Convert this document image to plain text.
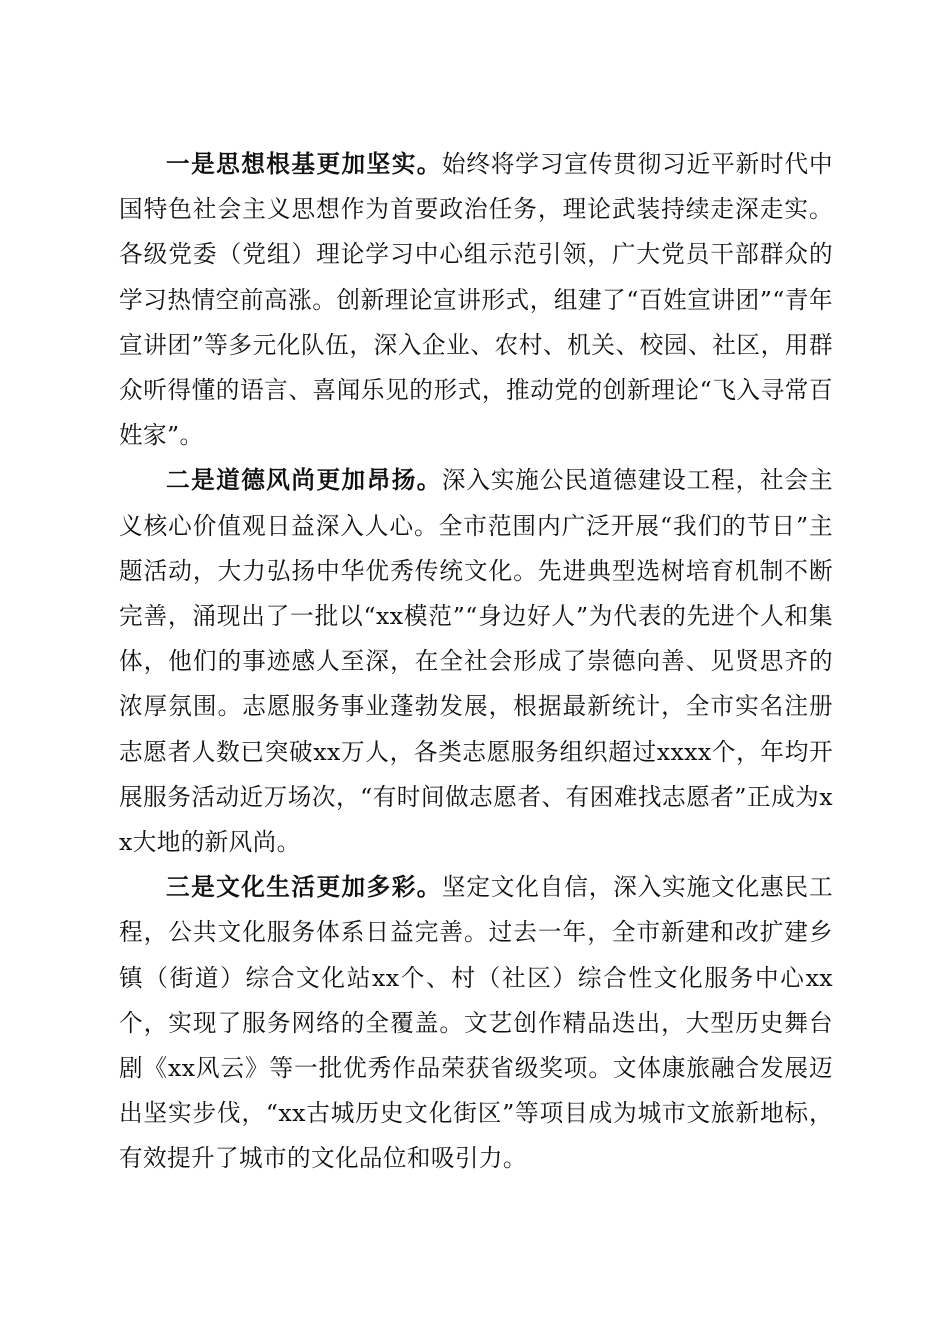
一是思想根基更加坚实。始终将学习宣传贯彻习近平新时代中国特色社会主义思想作为首要政治任务，理论武装持续走深走实。各级党委（党组）理论学习中心组示范引领，广大党员干部群众的学习热情空前高涨。创新理论宣讲形式，组建了“百姓宣讲团”“青年宣讲团”等多元化队伍，深入企业、农村、机关、校园、社区，用群众听得懂的语言、喜闻乐见的形式，推动党的创新理论“飞入寻常百姓家”。

二是道德风尚更加昂扬。深入实施公民道德建设工程，社会主义核心价值观日益深入人心。全市范围内广泛开展“我们的节日”主题活动，大力弘扬中华优秀传统文化。先进典型选树培育机制不断完善，涌现出了一批以“xx模范”“身边好人”为代表的先进个人和集体，他们的事迹感人至深，在全社会形成了崇德向善、见贤思齐的浓厚氛围。志愿服务事业蓬勃发展，根据最新统计，全市实名注册志愿者人数已突破xx万人，各类志愿服务组织超过xxxx个，年均开展服务活动近万场次，“有时间做志愿者、有困难找志愿者”正成为xx大地的新风尚。

三是文化生活更加多彩。坚定文化自信，深入实施文化惠民工程，公共文化服务体系日益完善。过去一年，全市新建和改扩建乡镇（街道）综合文化站xx个、村（社区）综合性文化服务中心xx个，实现了服务网络的全覆盖。文艺创作精品迭出，大型历史舞台剧《xx风云》等一批优秀作品荣获省级奖项。文体康旅融合发展迈出坚实步伐，“xx古城历史文化街区”等项目成为城市文旅新地标，有效提升了城市的文化品位和吸引力。
